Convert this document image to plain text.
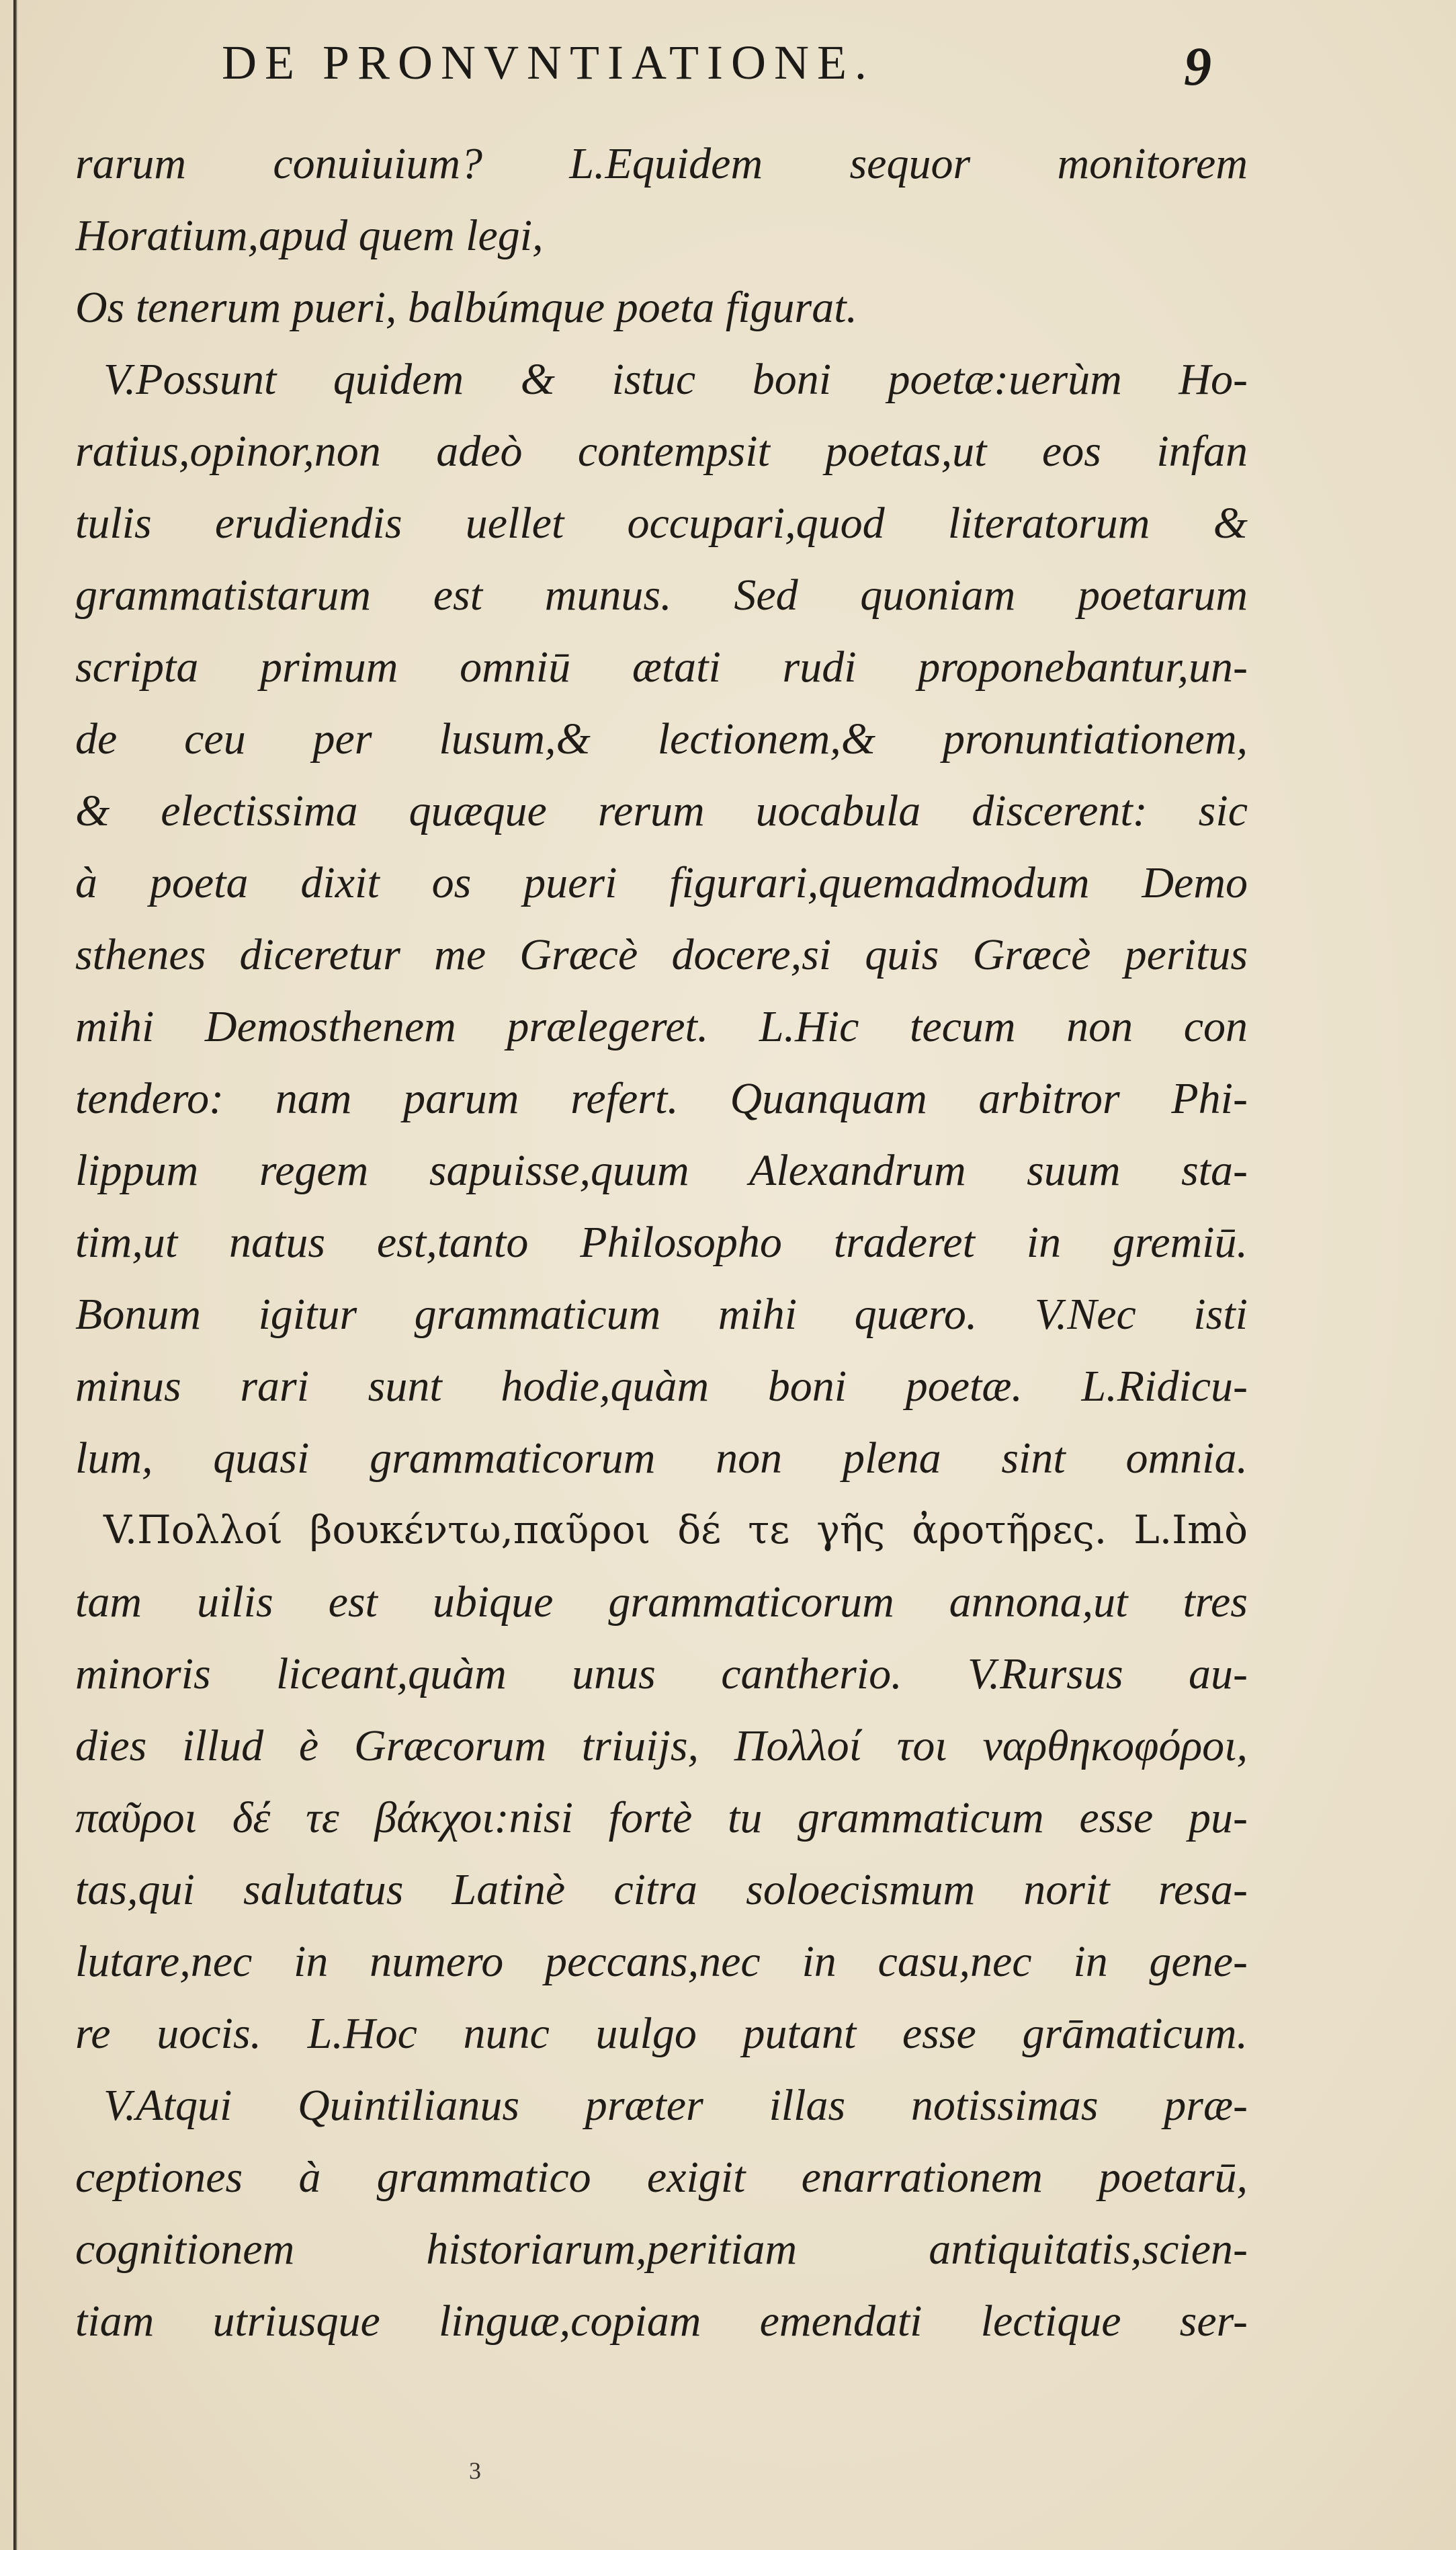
DE PRONVNTIATIONE.	9
rarum conuiuium? L.Equidem sequor monitorem
Horatium,apud quem legi,
Os tenerum pueri, balbúmque poeta figurat.
V.Possunt quidem & istuc boni poetæ:uerùm Ho-
ratius,opinor,non adeò contempsit poetas,ut eos infan
tulis erudiendis uellet occupari,quod literatorum &
grammatistarum est munus. Sed quoniam poetarum
scripta primum omniū ætati rudi proponebantur,un-
de ceu per lusum,& lectionem,& pronuntiationem,
& electissima quæque rerum uocabula discerent: sic
à poeta dixit os pueri figurari,quemadmodum Demo
sthenes diceretur me Græcè docere,si quis Græcè peritus
mihi Demosthenem prælegeret. L.Hic tecum non con
tendero: nam parum refert. Quanquam arbitror Phi-
lippum regem sapuisse,quum Alexandrum suum sta-
tim,ut natus est,tanto Philosopho traderet in gremiū.
Bonum igitur grammaticum mihi quæro. V.Nec isti
minus rari sunt hodie,quàm boni poetæ. L.Ridicu-
lum, quasi grammaticorum non plena sint omnia.
V.Πολλοί βουκέντω,παῦροι δέ τε γῆς ἀροτῆρες. L.Imò
tam uilis est ubique grammaticorum annona,ut tres
minoris liceant,quàm unus cantherio. V.Rursus au-
dies illud è Græcorum triuijs, Πολλοί τοι ναρθηκοφόροι,
παῦροι δέ τε βάκχοι:nisi fortè tu grammaticum esse pu-
tas,qui salutatus Latinè citra soloecismum norit resa-
lutare,nec in numero peccans,nec in casu,nec in gene-
re uocis. L.Hoc nunc uulgo putant esse grāmaticum.
V.Atqui Quintilianus præter illas notissimas præ-
ceptiones à grammatico exigit enarrationem poetarū,
cognitionem historiarum,peritiam antiquitatis,scien-
tiam utriusque linguæ,copiam emendati lectique ser-
3
